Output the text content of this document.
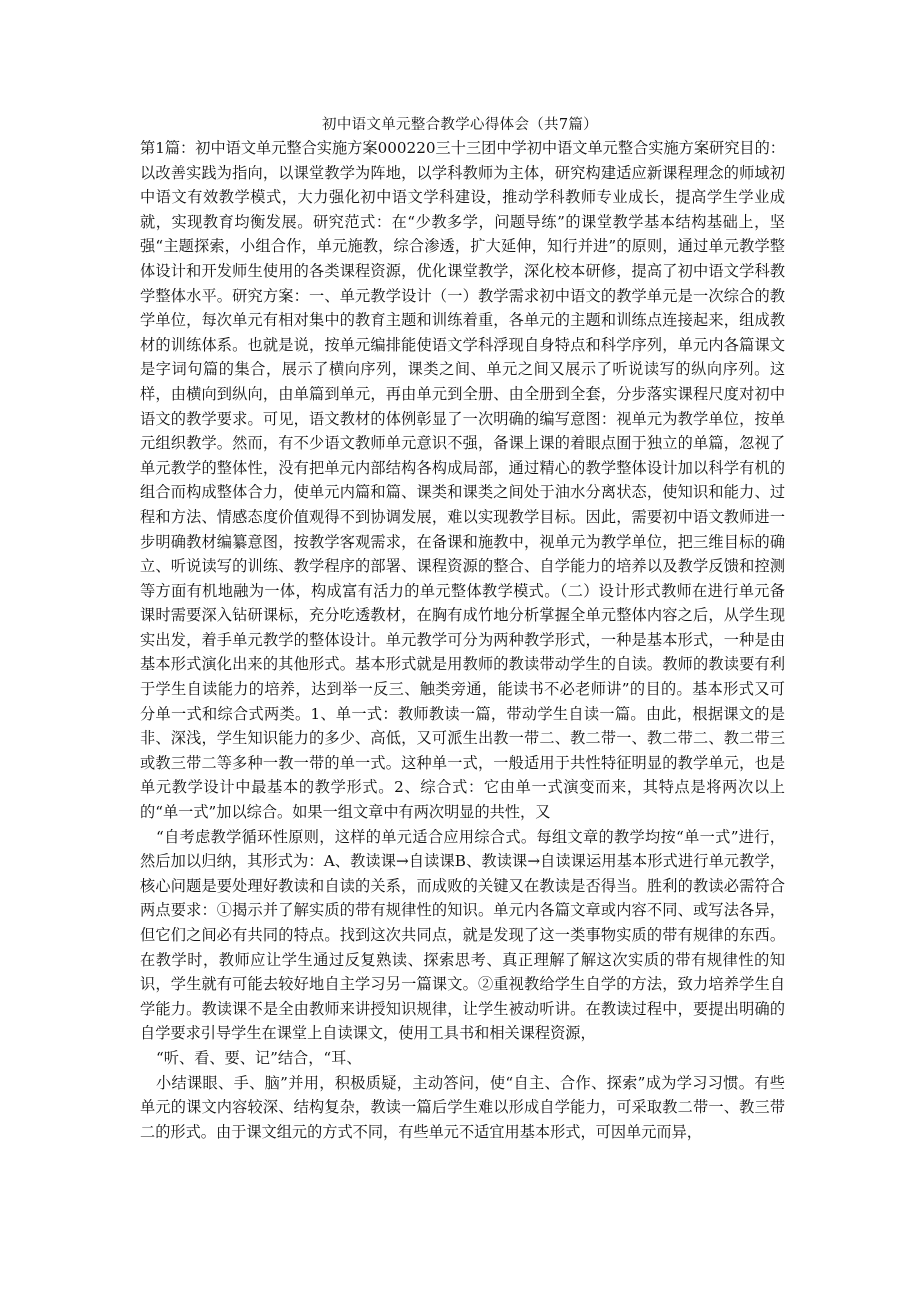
初中语文单元整合教学心得体会（共7篇）

第1篇：初中语文单元整合实施方案000220三十三团中学初中语文单元整合实施方案研究目的：以改善实践为指向，以课堂教学为阵地，以学科教师为主体，研究构建适应新课程理念的师域初中语文有效教学模式，大力强化初中语文学科建设，推动学科教师专业成长，提高学生学业成就，实现教育均衡发展。研究范式：在“少教多学，问题导练”的课堂教学基本结构基础上，坚强“主题探索，小组合作，单元施教，综合渗透，扩大延伸，知行并进”的原则，通过单元教学整体设计和开发师生使用的各类课程资源，优化课堂教学，深化校本研修，提高了初中语文学科教学整体水平。研究方案：一、单元教学设计（一）教学需求初中语文的教学单元是一次综合的教学单位，每次单元有相对集中的教育主题和训练着重，各单元的主题和训练点连接起来，组成教材的训练体系。也就是说，按单元编排能使语文学科浮现自身特点和科学序列，单元内各篇课文是字词句篇的集合，展示了横向序列，课类之间、单元之间又展示了听说读写的纵向序列。这样，由横向到纵向，由单篇到单元，再由单元到全册、由全册到全套，分步落实课程尺度对初中语文的教学要求。可见，语文教材的体例彰显了一次明确的编写意图：视单元为教学单位，按单元组织教学。然而，有不少语文教师单元意识不强，备课上课的着眼点囿于独立的单篇，忽视了单元教学的整体性，没有把单元内部结构各构成局部，通过精心的教学整体设计加以科学有机的组合而构成整体合力，使单元内篇和篇、课类和课类之间处于油水分离状态，使知识和能力、过程和方法、情感态度价值观得不到协调发展，难以实现教学目标。因此，需要初中语文教师进一步明确教材编纂意图，按教学客观需求，在备课和施教中，视单元为教学单位，把三维目标的确立、听说读写的训练、教学程序的部署、课程资源的整合、自学能力的培养以及教学反馈和控测等方面有机地融为一体，构成富有活力的单元整体教学模式。（二）设计形式教师在进行单元备课时需要深入钻研课标，充分吃透教材，在胸有成竹地分析掌握全单元整体内容之后，从学生现实出发，着手单元教学的整体设计。单元教学可分为两种教学形式，一种是基本形式，一种是由基本形式演化出来的其他形式。基本形式就是用教师的教读带动学生的自读。教师的教读要有利于学生自读能力的培养，达到举一反三、触类旁通，能读书不必老师讲”的目的。基本形式又可分单一式和综合式两类。1、单一式：教师教读一篇，带动学生自读一篇。由此，根据课文的是非、深浅，学生知识能力的多少、高低，又可派生出教一带二、教二带一、教二带二、教二带三或教三带二等多种一教一带的单一式。这种单一式，一般适用于共性特征明显的教学单元，也是单元教学设计中最基本的教学形式。2、综合式：它由单一式演变而来，其特点是将两次以上的“单一式”加以综合。如果一组文章中有两次明显的共性，又

“自考虑教学循环性原则，这样的单元适合应用综合式。每组文章的教学均按“单一式”进行，然后加以归纳，其形式为：A、教读课→自读课B、教读课→自读课运用基本形式进行单元教学，核心问题是要处理好教读和自读的关系，而成败的关键又在教读是否得当。胜利的教读必需符合两点要求：①揭示并了解实质的带有规律性的知识。单元内各篇文章或内容不同、或写法各异，但它们之间必有共同的特点。找到这次共同点，就是发现了这一类事物实质的带有规律的东西。在教学时，教师应让学生通过反复熟读、探索思考、真正理解了解这次实质的带有规律性的知识，学生就有可能去较好地自主学习另一篇课文。②重视教给学生自学的方法，致力培养学生自学能力。教读课不是全由教师来讲授知识规律，让学生被动听讲。在教读过程中，要提出明确的自学要求引导学生在课堂上自读课文，使用工具书和相关课程资源，

“听、看、要、记”结合，“耳、

小结课眼、手、脑”并用，积极质疑，主动答问，使“自主、合作、探索”成为学习习惯。有些单元的课文内容较深、结构复杂，教读一篇后学生难以形成自学能力，可采取教二带一、教三带二的形式。由于课文组元的方式不同，有些单元不适宜用基本形式，可因单元而异，
